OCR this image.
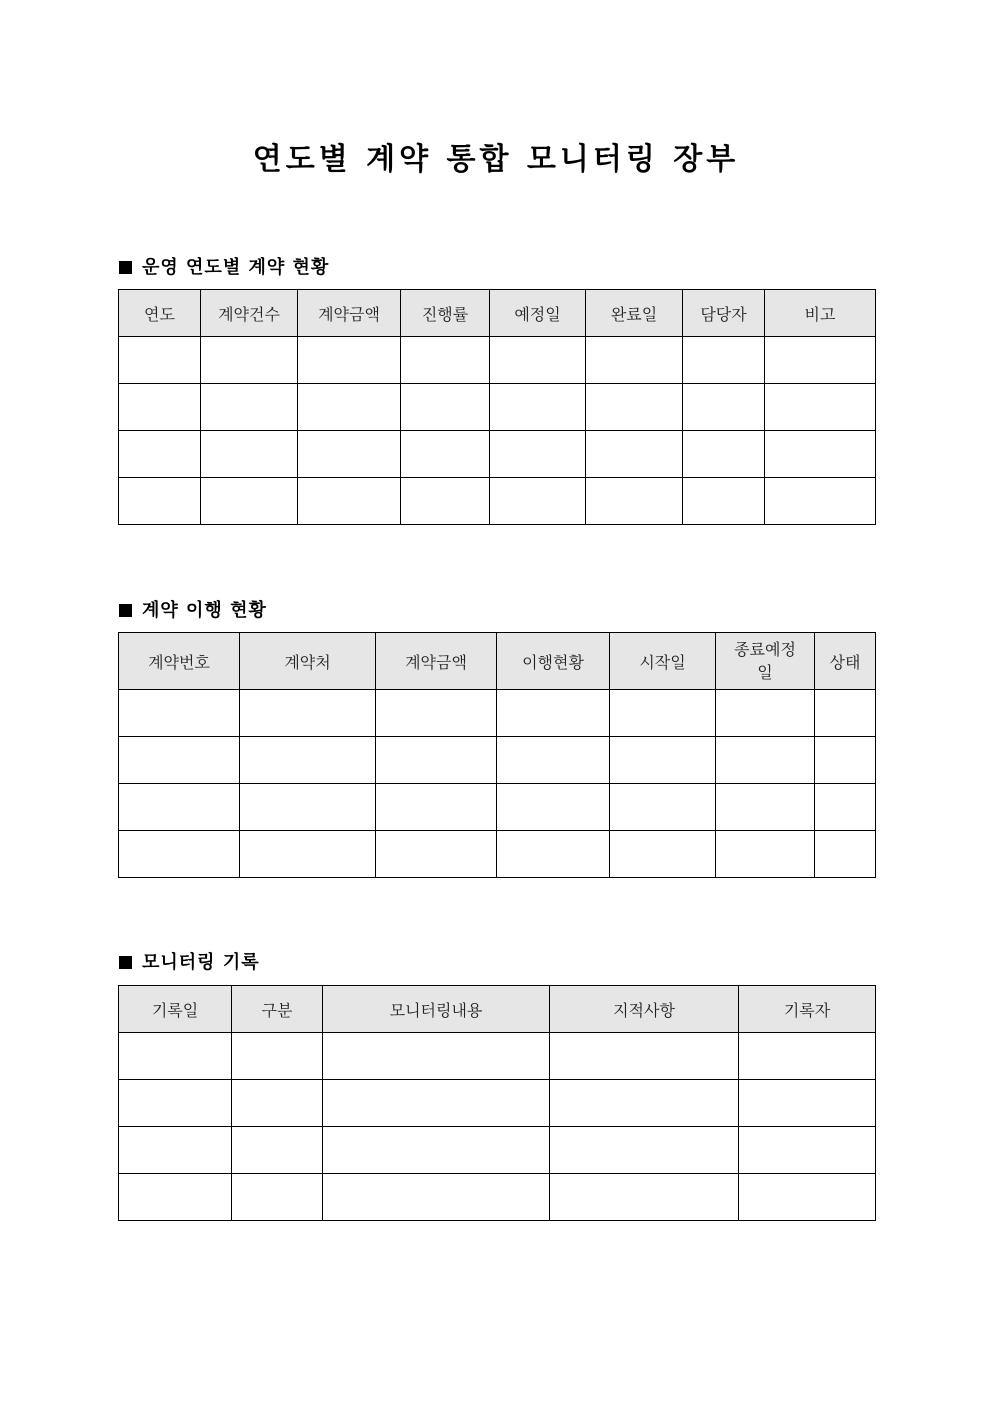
연도별 계약 통합 모니터링 장부
운영 연도별 계약 현황
연도	계약건수	계약금액	진행률	예정일	완료일	담당자	비고

계약 이행 현황
계약번호	계약처	계약금액	이행현황	시작일	종료예정일	상태

모니터링 기록
기록일	구분	모니터링내용	지적사항	기록자
